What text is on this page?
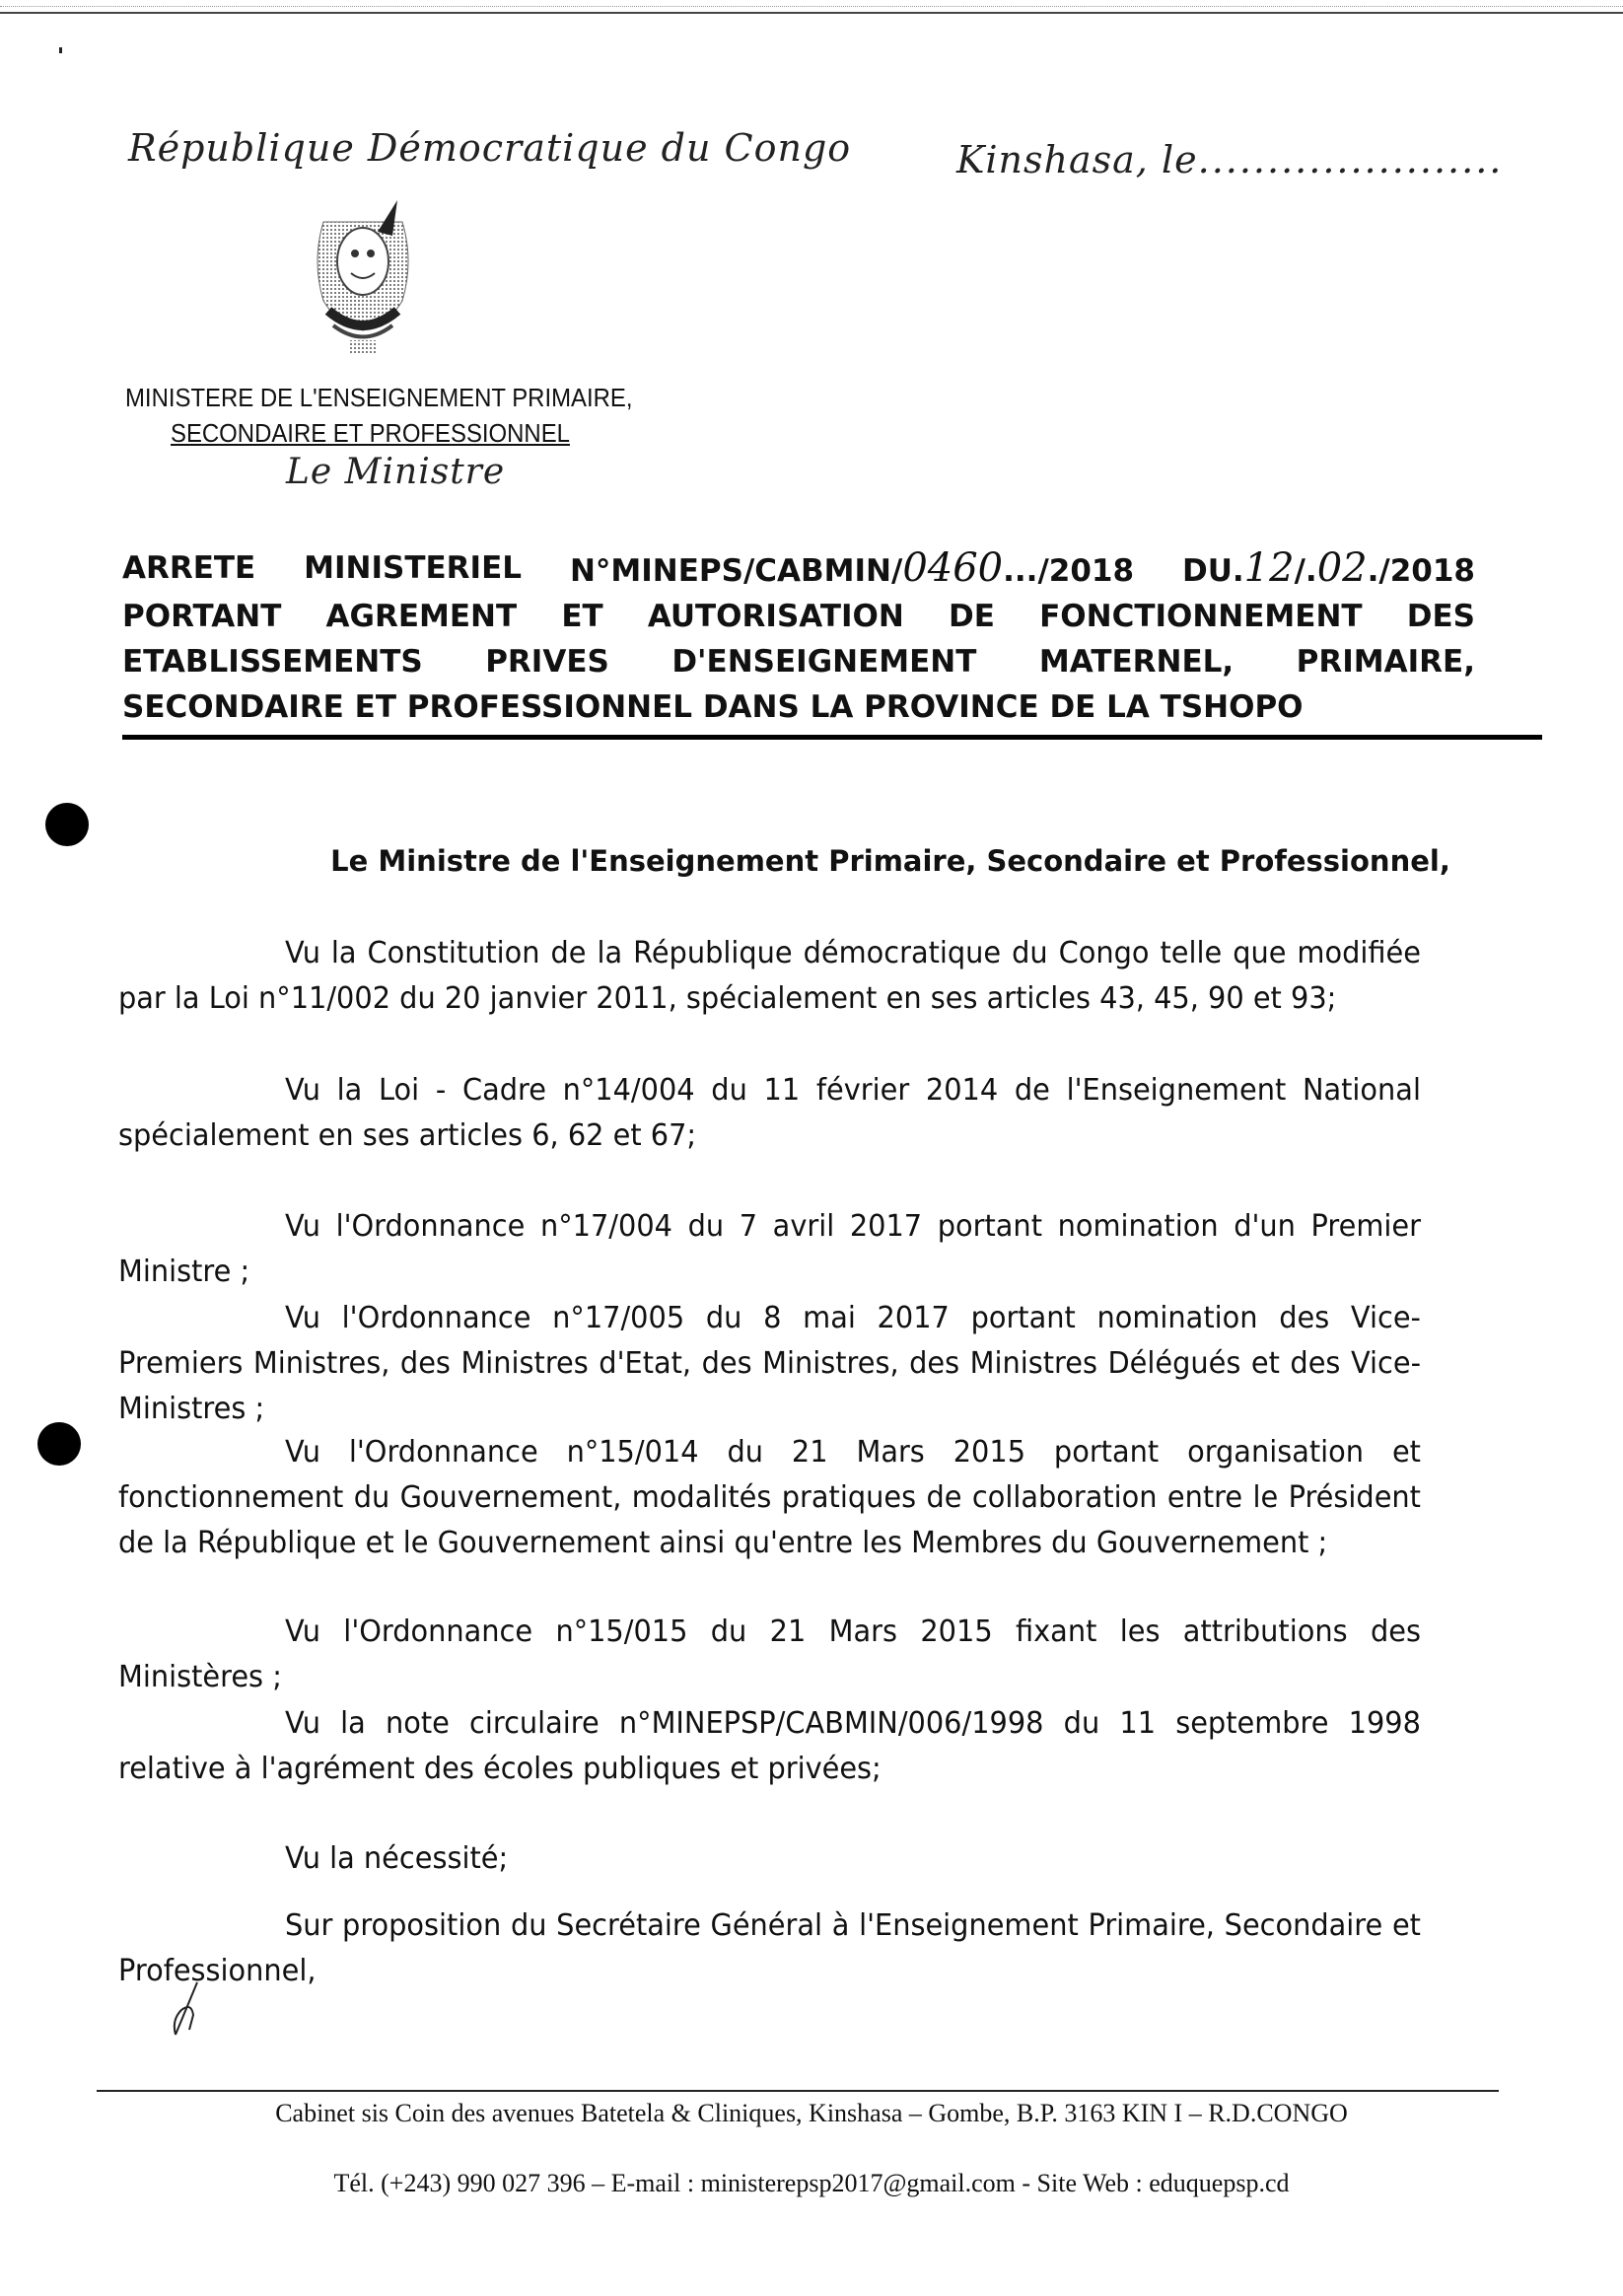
République Démocratique du Congo	Kinshasa, le......................
MINISTERE DE L'ENSEIGNEMENT PRIMAIRE,
SECONDAIRE ET PROFESSIONNEL
Le Ministre
ARRETE MINISTERIEL N°MINEPS/CABMIN/0460.../2018 DU.12/.02./2018
PORTANT AGREMENT ET AUTORISATION DE FONCTIONNEMENT DES
ETABLISSEMENTS PRIVES D'ENSEIGNEMENT MATERNEL, PRIMAIRE,
SECONDAIRE ET PROFESSIONNEL DANS LA PROVINCE DE LA TSHOPO
Le Ministre de l'Enseignement Primaire, Secondaire et Professionnel,
Vu la Constitution de la République démocratique du Congo telle que modifiée par la Loi n°11/002 du 20 janvier 2011, spécialement en ses articles 43, 45, 90 et 93;
Vu la Loi - Cadre n°14/004 du 11 février 2014 de l'Enseignement National spécialement en ses articles 6, 62 et 67;
Vu l'Ordonnance n°17/004 du 7 avril 2017 portant nomination d'un Premier Ministre ;
Vu l'Ordonnance n°17/005 du 8 mai 2017 portant nomination des Vice-Premiers Ministres, des Ministres d'Etat, des Ministres, des Ministres Délégués et des Vice-Ministres ;
Vu l'Ordonnance n°15/014 du 21 Mars 2015 portant organisation et fonctionnement du Gouvernement, modalités pratiques de collaboration entre le Président de la République et le Gouvernement ainsi qu'entre les Membres du Gouvernement ;
Vu l'Ordonnance n°15/015 du 21 Mars 2015 fixant les attributions des Ministères ;
Vu la note circulaire n°MINEPSP/CABMIN/006/1998 du 11 septembre 1998 relative à l'agrément des écoles publiques et privées;
Vu la nécessité;
Sur proposition du Secrétaire Général à l'Enseignement Primaire, Secondaire et Professionnel,
Cabinet sis Coin des avenues Batetela & Cliniques, Kinshasa – Gombe, B.P. 3163 KIN I – R.D.CONGO
Tél. (+243) 990 027 396 – E-mail : ministerepsp2017@gmail.com - Site Web : eduquepsp.cd
